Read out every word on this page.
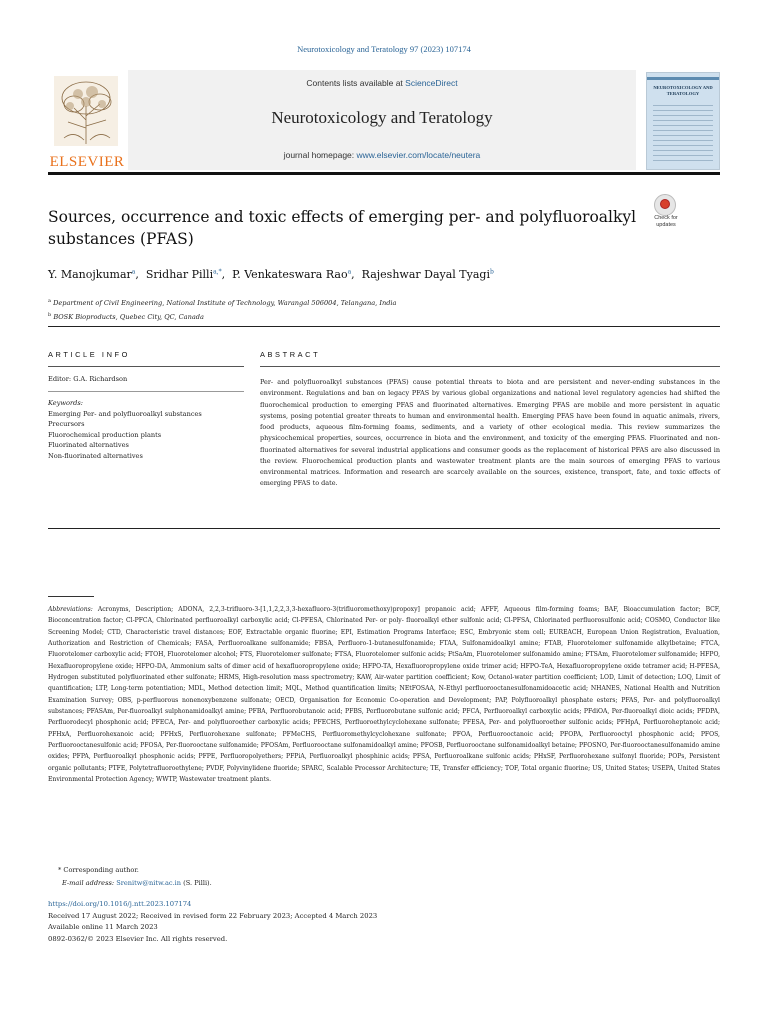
Neurotoxicology and Teratology 97 (2023) 107174
ELSEVIER
Contents lists available at ScienceDirect
Neurotoxicology and Teratology
journal homepage: www.elsevier.com/locate/neutera
NEUROTOXICOLOGY AND TERATOLOGY
Sources, occurrence and toxic effects of emerging per- and polyfluoroalkyl substances (PFAS)
Check for updates
Y. Manojkumar$^a$,  Sridhar Pilli$^{a,*}$,  P. Venkateswara Rao$^a$,  Rajeshwar Dayal Tyagi$^b$
$^a$ Department of Civil Engineering, National Institute of Technology, Warangal 506004, Telangana, India
$^b$ BOSK Bioproducts, Quebec City, QC, Canada
ARTICLE INFO
Editor: G.A. Richardson
Keywords:
Emerging Per- and polyfluoroalkyl substances
Precursors
Fluorochemical production plants
Fluorinated alternatives
Non-fluorinated alternatives
ABSTRACT
Per- and polyfluoroalkyl substances (PFAS) cause potential threats to biota and are persistent and never-ending substances in the environment. Regulations and ban on legacy PFAS by various global organizations and national level regulatory agencies had shifted the fluorochemical production to emerging PFAS and fluorinated alternatives. Emerging PFAS are mobile and more persistent in aquatic systems, posing potential greater threats to human and environmental health. Emerging PFAS have been found in aquatic animals, rivers, food products, aqueous film-forming foams, sediments, and a variety of other ecological media. This review summarizes the physicochemical properties, sources, occurrence in biota and the environment, and toxicity of the emerging PFAS. Fluorinated and non-fluorinated alternatives for several industrial applications and consumer goods as the replacement of historical PFAS are also discussed in the review. Fluorochemical production plants and wastewater treatment plants are the main sources of emerging PFAS to various environmental matrices. Information and research are scarcely available on the sources, existence, transport, fate, and toxic effects of emerging PFAS to date.
Abbreviations: Acronyms, Description; ADONA, 2,2,3-trifluoro-3-[1,1,2,2,3,3-hexafluoro-3(trifluoromethoxy)propoxy] propanoic acid; AFFF, Aqueous film-forming foams; BAF, Bioaccumulation factor; BCF, Bioconcentration factor; Cl-PFCA, Chlorinated perfluoroalkyl carboxylic acid; Cl-PFESA, Chlorinated Per- or poly- fluoroalkyl ether sulfonic acid; Cl-PFSA, Chlorinated perfluorosulfonic acid; COSMO, Conductor like Screening Model; CTD, Characteristic travel distances; EOF, Extractable organic fluorine; EPI, Estimation Programs Interface; ESC, Embryonic stem cell; EUREACH, European Union Registration, Evaluation, Authorization and Restriction of Chemicals; FASA, Perfluoroalkane sulfonamide; FBSA, Perfluoro-1-butanesulfonamide; FTAA, Sulfonamidoalkyl amine; FTAB, Fluorotelomer sulfonamide alkylbetaine; FTCA, Fluorotelomer carboxylic acid; FTOH, Fluorotelomer alcohol; FTS, Fluorotelomer sulfonate; FTSA, Fluorotelomer sulfonic acids; FtSaAm, Fluorotelomer sulfonamido amine; FTSAm, Fluorotelomer sulfonamide; HFPO, Hexafluoropropylene oxide; HFPO-DA, Ammonium salts of dimer acid of hexafluoropropylene oxide; HFPO-TA, Hexafluoropropylene oxide trimer acid; HFPO-TeA, Hexafluoropropylene oxide tetramer acid; H-PFESA, Hydrogen substituted polyfluorinated ether sulfonate; HRMS, High-resolution mass spectrometry; KAW, Air-water partition coefficient; Kow, Octanol-water partition coefficient; LOD, Limit of detection; LOQ, Limit of quantification; LTP, Long-term potentiation; MDL, Method detection limit; MQL, Method quantification limits; NEtFOSAA, N-Ethyl perfluorooctanesulfonamidoacetic acid; NHANES, National Health and Nutrition Examination Survey; OBS, p-perfluorous nonenoxybenzene sulfonate; OECD, Organisation for Economic Co-operation and Development; PAP, Polyfluoroalkyl phosphate esters; PFAS, Per- and polyfluoroalkyl substances; PFASAm, Per-fluoroalkyl sulphonamidoalkyl amine; PFBA, Perfluorobutanoic acid; PFBS, Perfluorobutane sulfonic acid; PFCA, Perfluoroalkyl carboxylic acids; PFdiOA, Per-fluoroalkyl dioic acids; PFDPA, Perfluorodecyl phosphonic acid; PFECA, Per- and polyfluoroether carboxylic acids; PFECHS, Perfluoroethylcyclohexane sulfonate; PFESA, Per- and polyfluoroether sulfonic acids; PFHpA, Perfluoroheptanoic acid; PFHxA, Perfluorohexanoic acid; PFHxS, Perfluorohexane sulfonate; PFMeCHS, Perfluoromethylcyclohexane sulfonate; PFOA, Perfluorooctanoic acid; PFOPA, Perfluorooctyl phosphonic acid; PFOS, Perfluorooctanesulfonic acid; PFOSA, Per-fluorooctane sulfonamide; PFOSAm, Perfluorooctane sulfonamidoalkyl amine; PFOSB, Perfluorooctane sulfonamidoalkyl betaine; PFOSNO, Per-fluorooctanesulfonamido amine oxides; PFPA, Perfluoroalkyl phosphonic acids; PFPE, Perfluoropolyethers; PFPiA, Perfluoroalkyl phosphinic acids; PFSA, Perfluoroalkane sulfonic acids; PHxSF, Perfluorohexane sulfonyl fluoride; POPs, Persistent organic pollutants; PTFE, Polytetrafluoroethylene; PVDF, Polyvinylidene fluoride; SPARC, Scalable Processor Architecture; TE, Transfer efficiency; TOF, Total organic fluorine; US, United States; USEPA, United States Environmental Protection Agency; WWTP, Wastewater treatment plants.
* Corresponding author.
E-mail address: Srenitw@nitw.ac.in (S. Pilli).
https://doi.org/10.1016/j.ntt.2023.107174
Received 17 August 2022; Received in revised form 22 February 2023; Accepted 4 March 2023
Available online 11 March 2023
0892-0362/© 2023 Elsevier Inc. All rights reserved.
